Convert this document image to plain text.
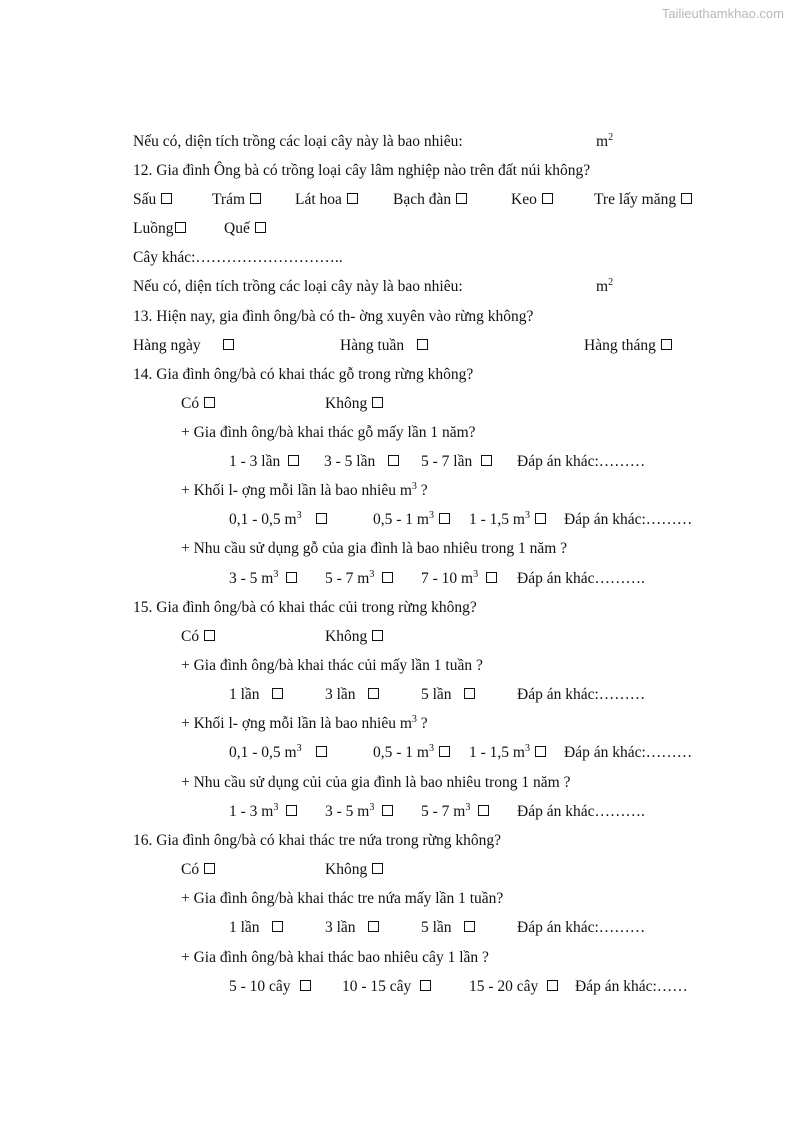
Tailieuthamkhao.com
Nếu có, diện tích trồng các loại cây này là bao nhiêu:	$m^2$
12. Gia đình Ông bà có trồng loại cây lâm nghiệp nào trên đất núi không?
Sấu	Trám	Lát hoa	Bạch đàn	Keo	Tre lấy măng
Luồng	Quế
Cây khác:………………………..
Nếu có, diện tích trồng các loại cây này là bao nhiêu:	$m^2$
13. Hiện nay, gia đình ông/bà có th- ờng xuyên vào rừng không?
Hàng ngày	Hàng tuần	Hàng tháng
14. Gia đình ông/bà có khai thác gỗ trong rừng không?
Có	Không
+ Gia đình ông/bà khai thác gỗ mấy lần 1 năm?
1 - 3 lần	3 - 5 lần	5 - 7 lần	Đáp án khác:………
+ Khối l- ợng mỗi lần là bao nhiêu $m^3$ ?
0,1 - 0,5 $m^3$	0,5 - 1 $m^3$	1 - 1,5 $m^3$	Đáp án khác:………
+ Nhu cầu sử dụng gỗ của gia đình là bao nhiêu trong 1 năm ?
3 - 5 $m^3$	5 - 7 $m^3$	7 - 10 $m^3$	Đáp án khác……….
15. Gia đình ông/bà có khai thác củi trong rừng không?
Có	Không
+ Gia đình ông/bà khai thác củi mấy lần 1 tuần ?
1 lần	3 lần	5 lần	Đáp án khác:………
+ Khối l- ợng mỗi lần là bao nhiêu $m^3$ ?
0,1 - 0,5 $m^3$	0,5 - 1 $m^3$	1 - 1,5 $m^3$	Đáp án khác:………
+ Nhu cầu sử dụng củi của gia đình là bao nhiêu trong 1 năm ?
1 - 3 $m^3$	3 - 5 $m^3$	5 - 7 $m^3$	Đáp án khác……….
16. Gia đình ông/bà có khai thác tre nứa trong rừng không?
Có	Không
+ Gia đình ông/bà khai thác tre nứa mấy lần 1 tuần?
1 lần	3 lần	5 lần	Đáp án khác:………
+ Gia đình ông/bà khai thác bao nhiêu cây 1 lần ?
5 - 10 cây	10 - 15 cây	15 - 20 cây	Đáp án khác:……
